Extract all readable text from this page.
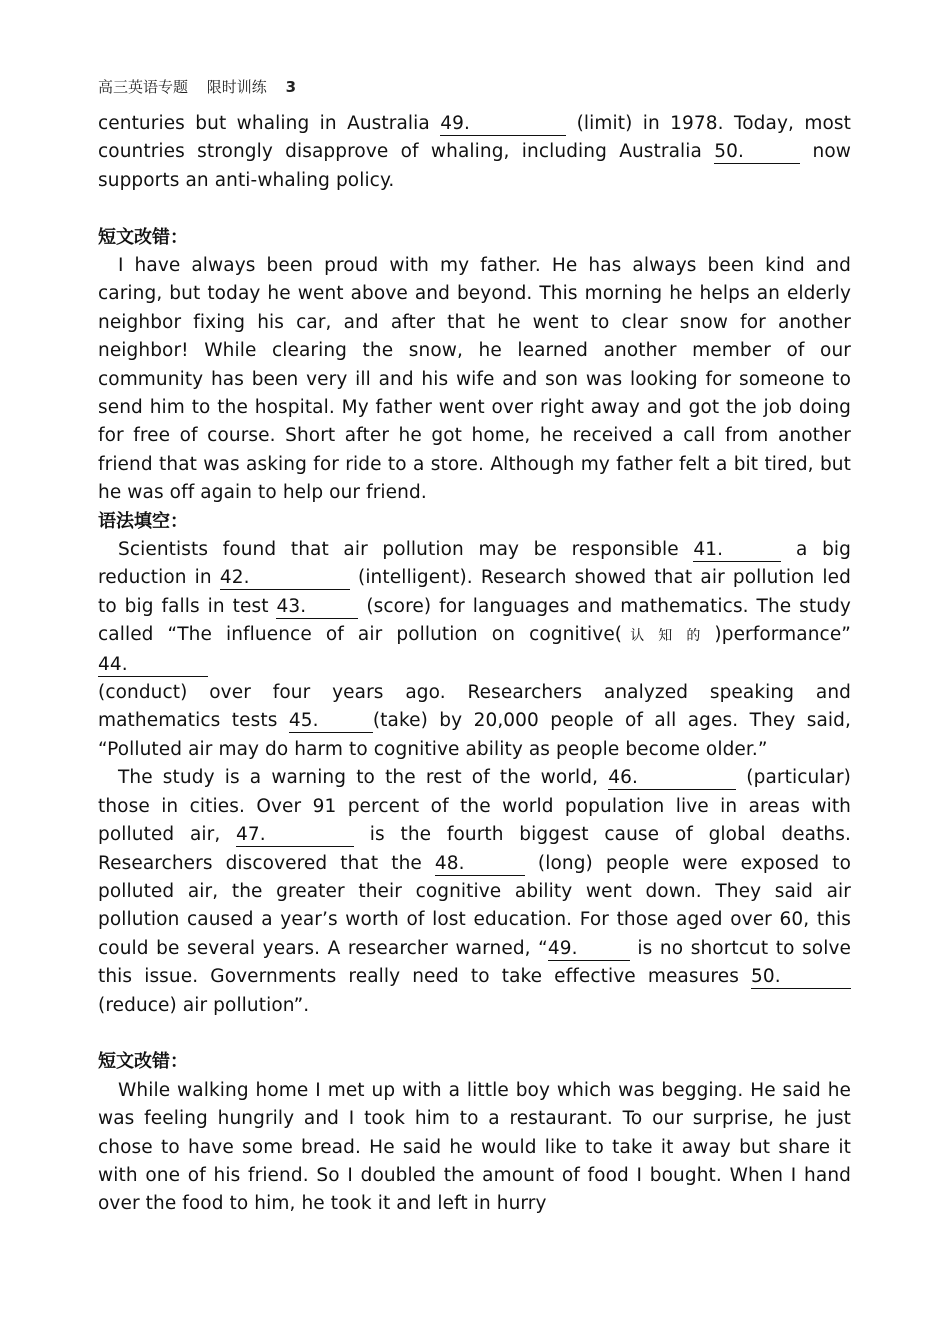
高三英语专题 限时训练 3

centuries but whaling in Australia 49.	(limit) in 1978. Today, most countries strongly disapprove of whaling, including Australia 50.	now supports an anti-whaling policy.

短文改错：

I have always been proud with my father. He has always been kind and caring, but today he went above and beyond. This morning he helps an elderly neighbor fixing his car, and after that he went to clear snow for another neighbor! While clearing the snow, he learned another member of our community has been very ill and his wife and son was looking for someone to send him to the hospital. My father went over right away and got the job doing for free of course. Short after he got home, he received a call from another friend that was asking for ride to a store. Although my father felt a bit tired, but he was off again to help our friend.

语法填空：

Scientists found that air pollution may be responsible 41.	a big reduction in 42.	(intelligent). Research showed that air pollution led to big falls in test 43.	(score) for languages and mathematics. The study called “The influence of air pollution on cognitive(认知的)performance” 44.

(conduct) over four years ago. Researchers analyzed speaking and mathematics tests 45.	(take) by 20,000 people of all ages. They said, “Polluted air may do harm to cognitive ability as people become older.”

The study is a warning to the rest of the world, 46.	(particular) those in cities. Over 91 percent of the world population live in areas with polluted air, 47.	is the fourth biggest cause of global deaths. Researchers discovered that the 48.	(long) people were exposed to polluted air, the greater their cognitive ability went down. They said air pollution caused a year’s worth of lost education. For those aged over 60, this could be several years. A researcher warned, “49.	is no shortcut to solve this issue. Governments really need to take effective measures 50. (reduce) air pollution”.

短文改错：

While walking home I met up with a little boy which was begging. He said he was feeling hungrily and I took him to a restaurant. To our surprise, he just chose to have some bread. He said he would like to take it away but share it with one of his friend. So I doubled the amount of food I bought. When I hand over the food to him, he took it and left in hurry
